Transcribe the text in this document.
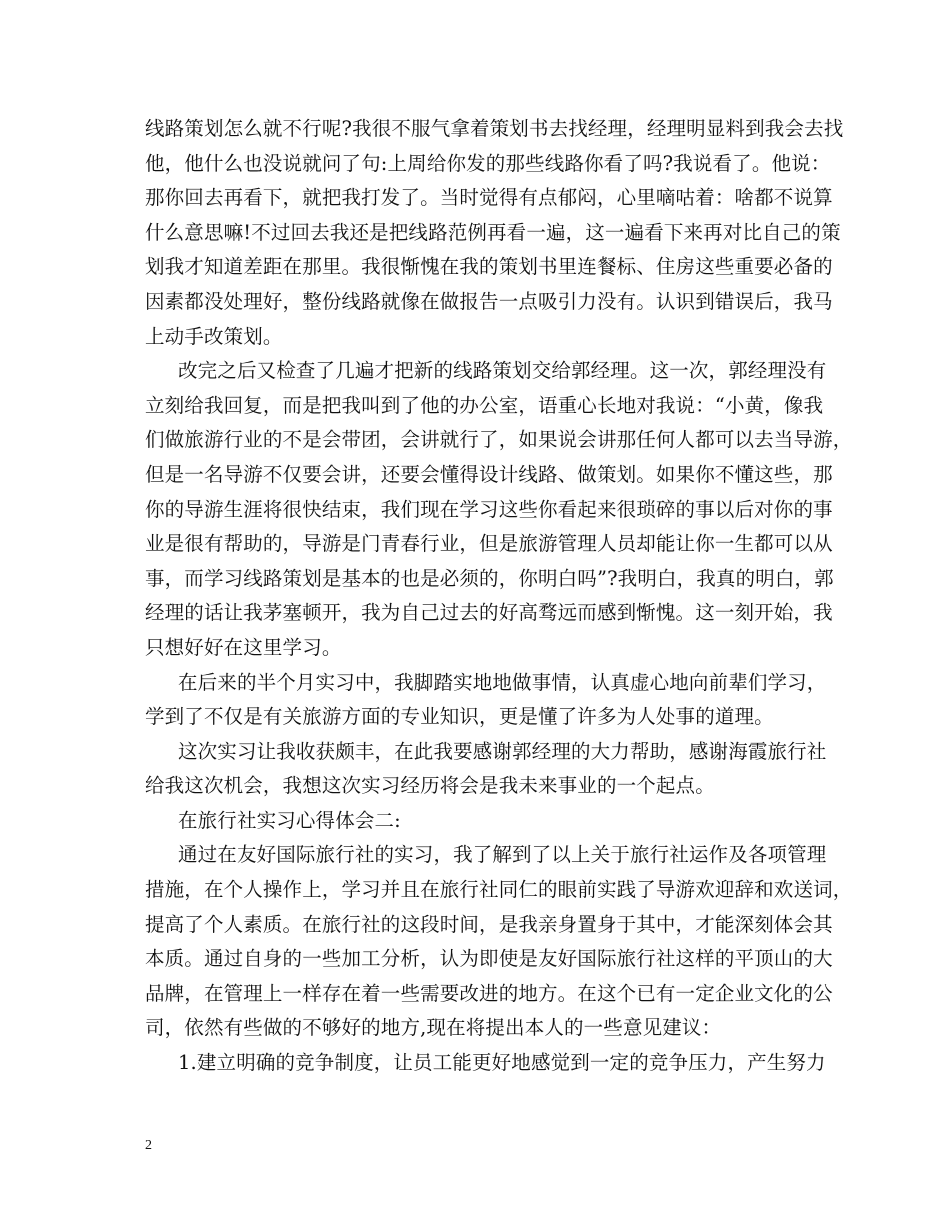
线路策划怎么就不行呢?我很不服气拿着策划书去找经理，经理明显料到我会去找
他，他什么也没说就问了句:上周给你发的那些线路你看了吗?我说看了。他说：
那你回去再看下，就把我打发了。当时觉得有点郁闷，心里嘀咕着：啥都不说算
什么意思嘛!不过回去我还是把线路范例再看一遍，这一遍看下来再对比自己的策
划我才知道差距在那里。我很惭愧在我的策划书里连餐标、住房这些重要必备的
因素都没处理好，整份线路就像在做报告一点吸引力没有。认识到错误后，我马
上动手改策划。
改完之后又检查了几遍才把新的线路策划交给郭经理。这一次，郭经理没有
立刻给我回复，而是把我叫到了他的办公室，语重心长地对我说：“小黄，像我
们做旅游行业的不是会带团，会讲就行了，如果说会讲那任何人都可以去当导游，
但是一名导游不仅要会讲，还要会懂得设计线路、做策划。如果你不懂这些，那
你的导游生涯将很快结束，我们现在学习这些你看起来很琐碎的事以后对你的事
业是很有帮助的，导游是门青春行业，但是旅游管理人员却能让你一生都可以从
事，而学习线路策划是基本的也是必须的，你明白吗”?我明白，我真的明白，郭
经理的话让我茅塞顿开，我为自己过去的好高骛远而感到惭愧。这一刻开始，我
只想好好在这里学习。
在后来的半个月实习中，我脚踏实地地做事情，认真虚心地向前辈们学习，
学到了不仅是有关旅游方面的专业知识，更是懂了许多为人处事的道理。
这次实习让我收获颇丰，在此我要感谢郭经理的大力帮助，感谢海霞旅行社
给我这次机会，我想这次实习经历将会是我未来事业的一个起点。
在旅行社实习心得体会二:
通过在友好国际旅行社的实习，我了解到了以上关于旅行社运作及各项管理
措施，在个人操作上，学习并且在旅行社同仁的眼前实践了导游欢迎辞和欢送词，
提高了个人素质。在旅行社的这段时间，是我亲身置身于其中，才能深刻体会其
本质。通过自身的一些加工分析，认为即使是友好国际旅行社这样的平顶山的大
品牌，在管理上一样存在着一些需要改进的地方。在这个已有一定企业文化的公
司，依然有些做的不够好的地方,现在将提出本人的一些意见建议：
1.建立明确的竞争制度，让员工能更好地感觉到一定的竞争压力，产生努力
2
